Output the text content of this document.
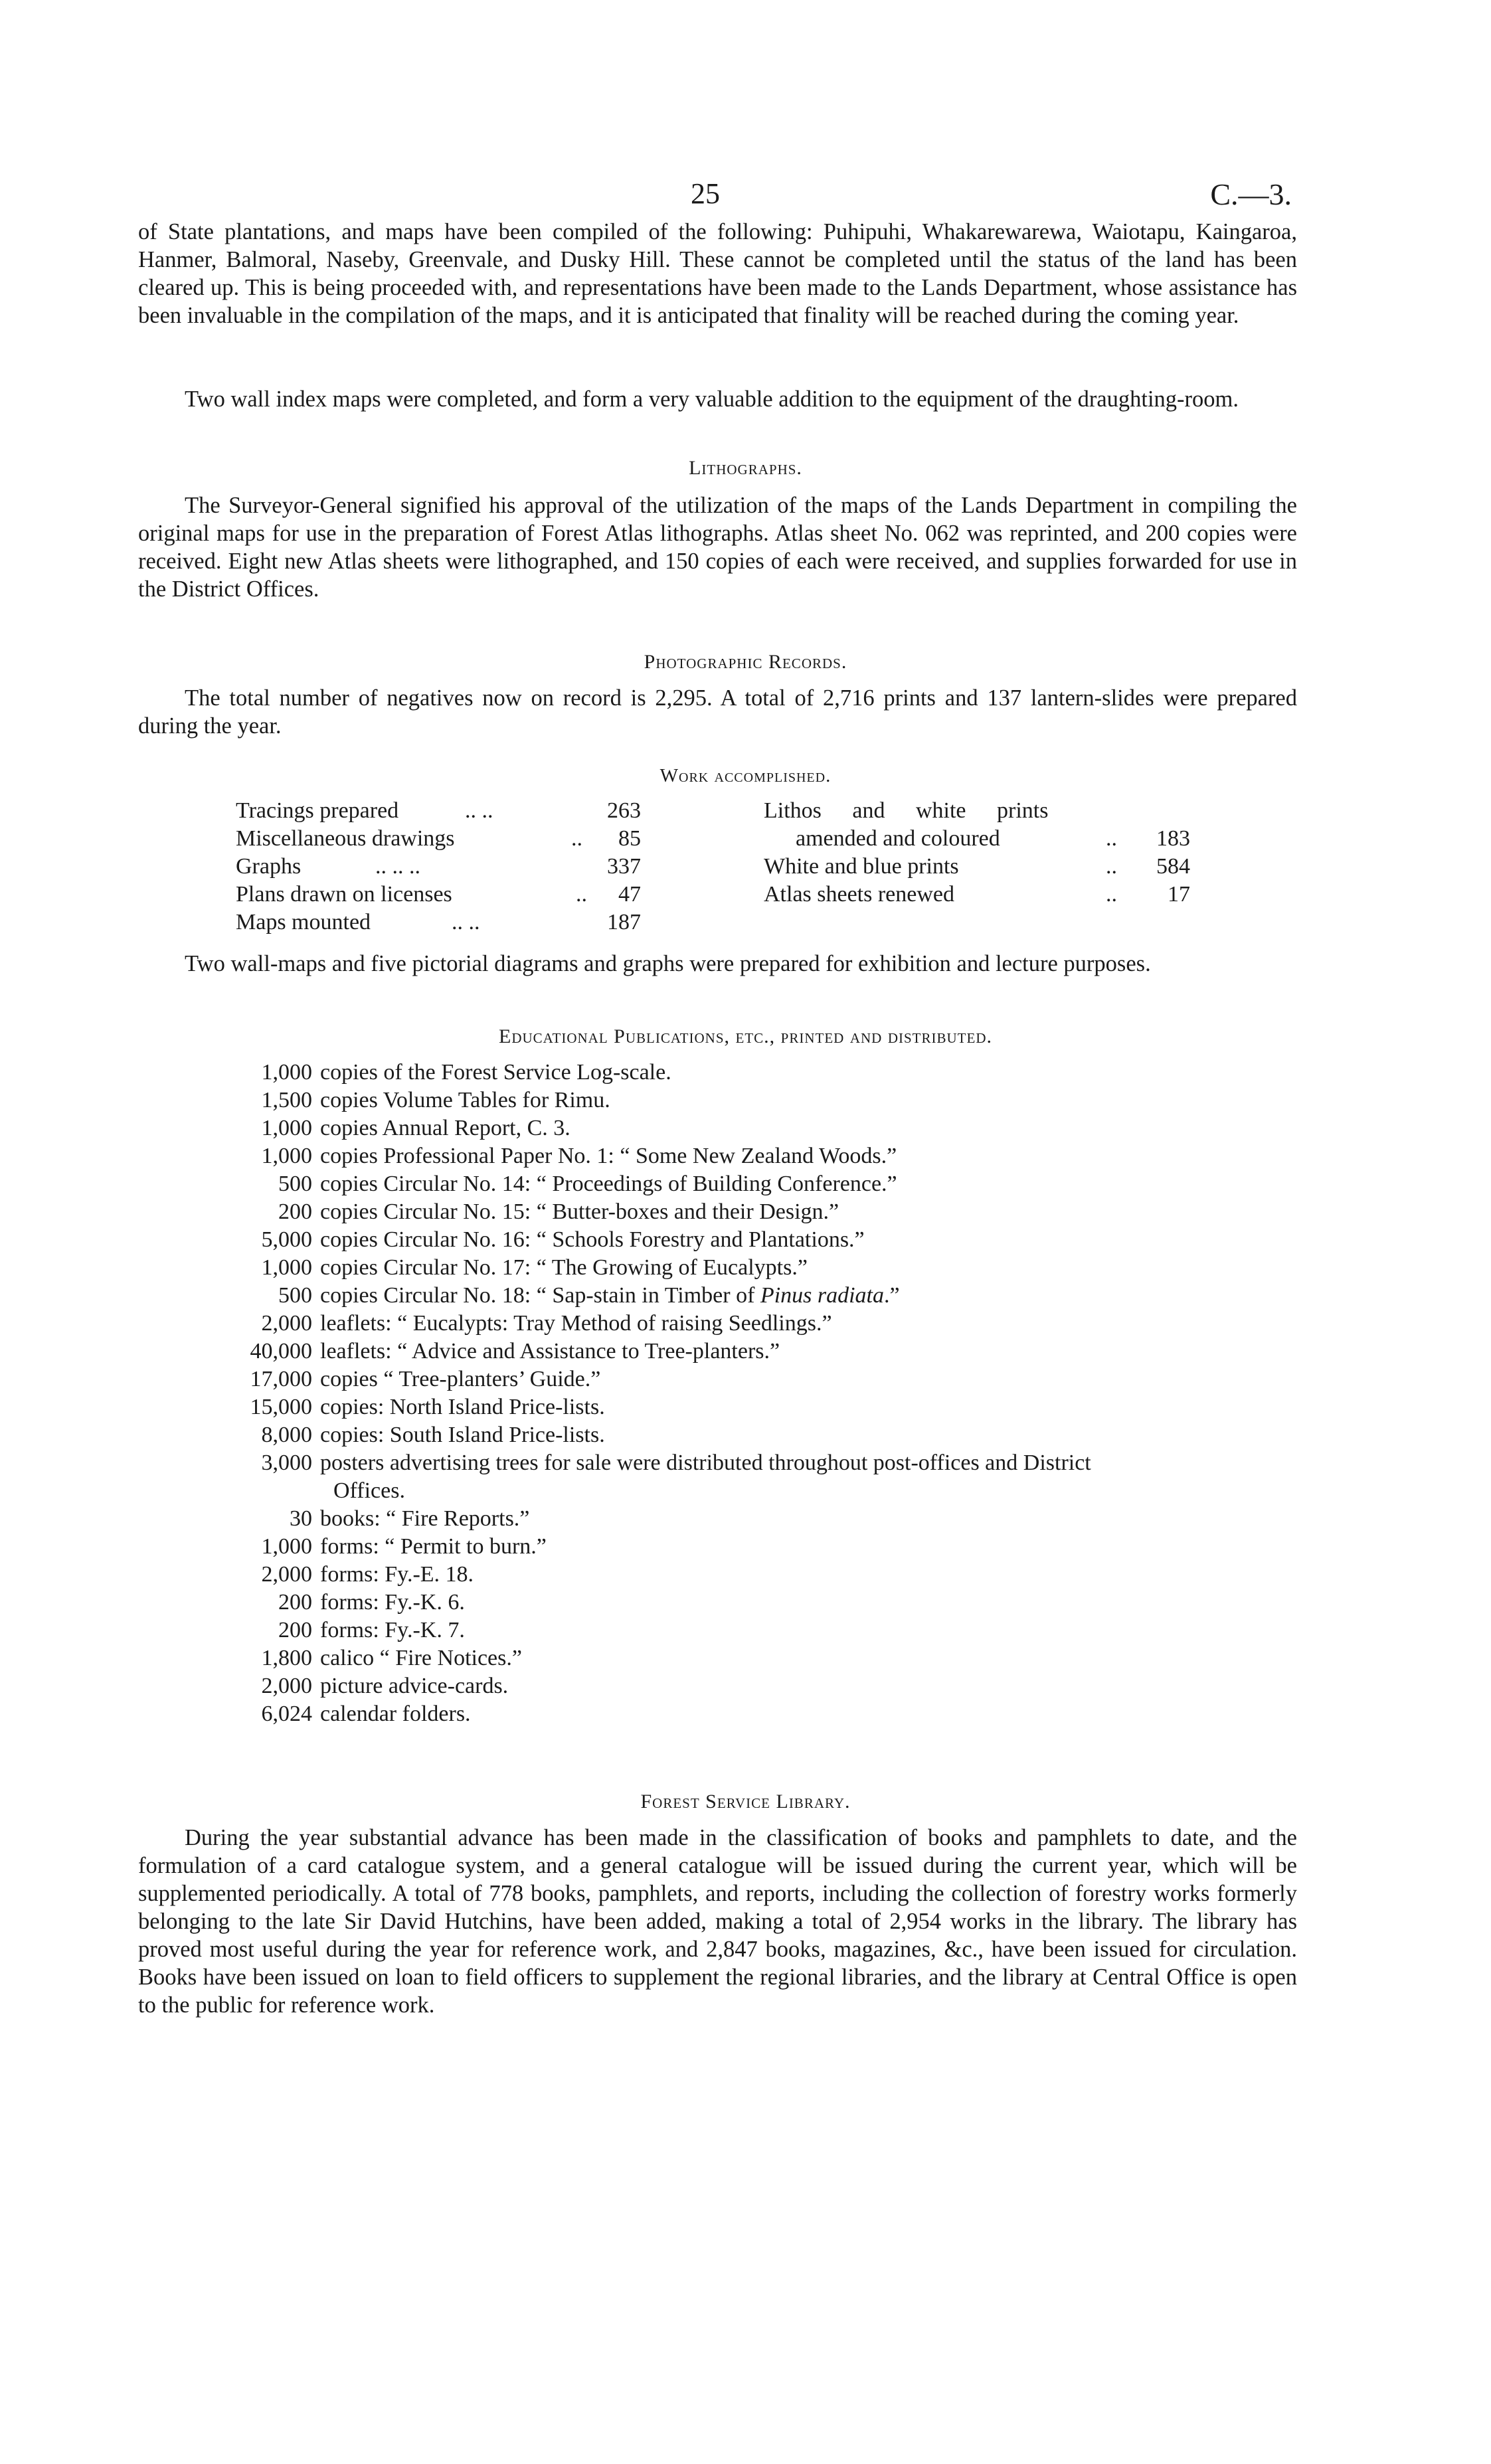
25	C.—3.

of State plantations, and maps have been compiled of the following: Puhipuhi, Whakarewarewa, Waiotapu, Kaingaroa, Hanmer, Balmoral, Naseby, Greenvale, and Dusky Hill. These cannot be completed until the status of the land has been cleared up. This is being proceeded with, and representations have been made to the Lands Department, whose assistance has been invaluable in the compilation of the maps, and it is anticipated that finality will be reached during the coming year.

Two wall index maps were completed, and form a very valuable addition to the equipment of the draughting-room.

Lithographs.

The Surveyor-General signified his approval of the utilization of the maps of the Lands Department in compiling the original maps for use in the preparation of Forest Atlas lithographs. Atlas sheet No. 062 was reprinted, and 200 copies were received. Eight new Atlas sheets were lithographed, and 150 copies of each were received, and supplies forwarded for use in the District Offices.

Photographic Records.

The total number of negatives now on record is 2,295. A total of 2,716 prints and 137 lantern-slides were prepared during the year.

Work accomplished.
Tracings prepared	.. ..	263
Miscellaneous drawings	..	85
Graphs	.. .. ..	337
Plans drawn on licenses	..	47
Maps mounted	.. ..	187
Lithos and white prints
amended and coloured	..	183
White and blue prints	..	584
Atlas sheets renewed	..	17

Two wall-maps and five pictorial diagrams and graphs were prepared for exhibition and lecture purposes.

Educational Publications, etc., printed and distributed.
1,000 copies of the Forest Service Log-scale.
1,500 copies Volume Tables for Rimu.
1,000 copies Annual Report, C. 3.
1,000 copies Professional Paper No. 1: “ Some New Zealand Woods.”
500 copies Circular No. 14: “ Proceedings of Building Conference.”
200 copies Circular No. 15: “ Butter-boxes and their Design.”
5,000 copies Circular No. 16: “ Schools Forestry and Plantations.”
1,000 copies Circular No. 17: “ The Growing of Eucalypts.”
500 copies Circular No. 18: “ Sap-stain in Timber of Pinus radiata.”
2,000 leaflets: “ Eucalypts: Tray Method of raising Seedlings.”
40,000 leaflets: “ Advice and Assistance to Tree-planters.”
17,000 copies “ Tree-planters’ Guide.”
15,000 copies: North Island Price-lists.
8,000 copies: South Island Price-lists.
3,000 posters advertising trees for sale were distributed throughout post-offices and District
Offices.
30 books: “ Fire Reports.”
1,000 forms: “ Permit to burn.”
2,000 forms: Fy.-E. 18.
200 forms: Fy.-K. 6.
200 forms: Fy.-K. 7.
1,800 calico “ Fire Notices.”
2,000 picture advice-cards.
6,024 calendar folders.
Forest Service Library.

During the year substantial advance has been made in the classification of books and pamphlets to date, and the formulation of a card catalogue system, and a general catalogue will be issued during the current year, which will be supplemented periodically. A total of 778 books, pamphlets, and reports, including the collection of forestry works formerly belonging to the late Sir David Hutchins, have been added, making a total of 2,954 works in the library. The library has proved most useful during the year for reference work, and 2,847 books, magazines, &c., have been issued for circulation. Books have been issued on loan to field officers to supplement the regional libraries, and the library at Central Office is open to the public for reference work.
